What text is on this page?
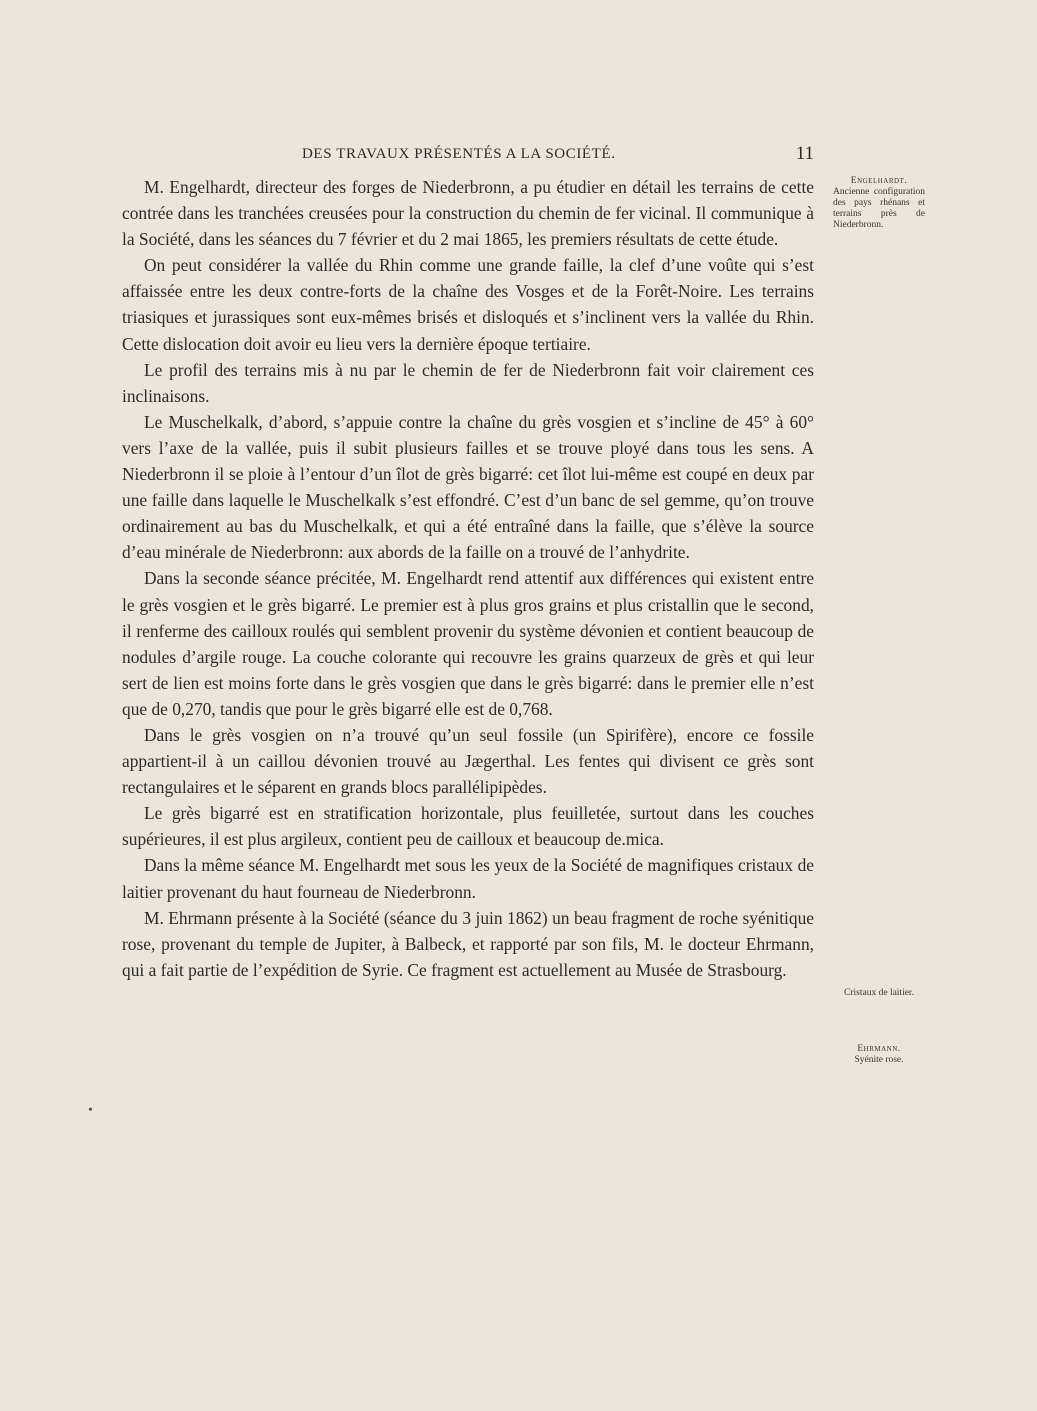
DES TRAVAUX PRÉSENTÉS A LA SOCIÉTÉ.	11

M. Engelhardt, directeur des forges de Niederbronn, a pu étudier en détail les terrains de cette contrée dans les tranchées creusées pour la construction du chemin de fer vicinal. Il communique à la Société, dans les séances du 7 février et du 2 mai 1865, les premiers résultats de cette étude.

On peut considérer la vallée du Rhin comme une grande faille, la clef d’une voûte qui s’est affaissée entre les deux contre-forts de la chaîne des Vosges et de la Forêt-Noire. Les terrains triasiques et jurassiques sont eux-mêmes brisés et disloqués et s’inclinent vers la vallée du Rhin. Cette dislocation doit avoir eu lieu vers la dernière époque tertiaire.

Le profil des terrains mis à nu par le chemin de fer de Niederbronn fait voir clairement ces inclinaisons.

Le Muschelkalk, d’abord, s’appuie contre la chaîne du grès vosgien et s’incline de 45° à 60° vers l’axe de la vallée, puis il subit plusieurs failles et se trouve ployé dans tous les sens. A Niederbronn il se ploie à l’entour d’un îlot de grès bigarré: cet îlot lui-même est coupé en deux par une faille dans laquelle le Muschelkalk s’est effondré. C’est d’un banc de sel gemme, qu’on trouve ordinairement au bas du Muschelkalk, et qui a été entraîné dans la faille, que s’élève la source d’eau minérale de Niederbronn: aux abords de la faille on a trouvé de l’anhydrite.

Dans la seconde séance précitée, M. Engelhardt rend attentif aux différences qui existent entre le grès vosgien et le grès bigarré. Le premier est à plus gros grains et plus cristallin que le second, il renferme des cailloux roulés qui semblent provenir du système dévonien et contient beaucoup de nodules d’argile rouge. La couche colorante qui recouvre les grains quarzeux de grès et qui leur sert de lien est moins forte dans le grès vosgien que dans le grès bigarré: dans le premier elle n’est que de 0,270, tandis que pour le grès bigarré elle est de 0,768.

Dans le grès vosgien on n’a trouvé qu’un seul fossile (un Spirifère), encore ce fossile appartient-il à un caillou dévonien trouvé au Jægerthal. Les fentes qui divisent ce grès sont rectangulaires et le séparent en grands blocs parallélipipèdes.

Le grès bigarré est en stratification horizontale, plus feuilletée, surtout dans les couches supérieures, il est plus argileux, contient peu de cailloux et beaucoup de.mica.

Dans la même séance M. Engelhardt met sous les yeux de la Société de magnifiques cristaux de laitier provenant du haut fourneau de Niederbronn.

M. Ehrmann présente à la Société (séance du 3 juin 1862) un beau fragment de roche syénitique rose, provenant du temple de Jupiter, à Balbeck, et rapporté par son fils, M. le docteur Ehrmann, qui a fait partie de l’expédition de Syrie. Ce fragment est actuellement au Musée de Strasbourg.

Engelhardt.
Ancienne configuration des pays rhénans et terrains près de Niederbronn.
Cristaux de laitier.
Ehrmann.
Syénite rose.
•
